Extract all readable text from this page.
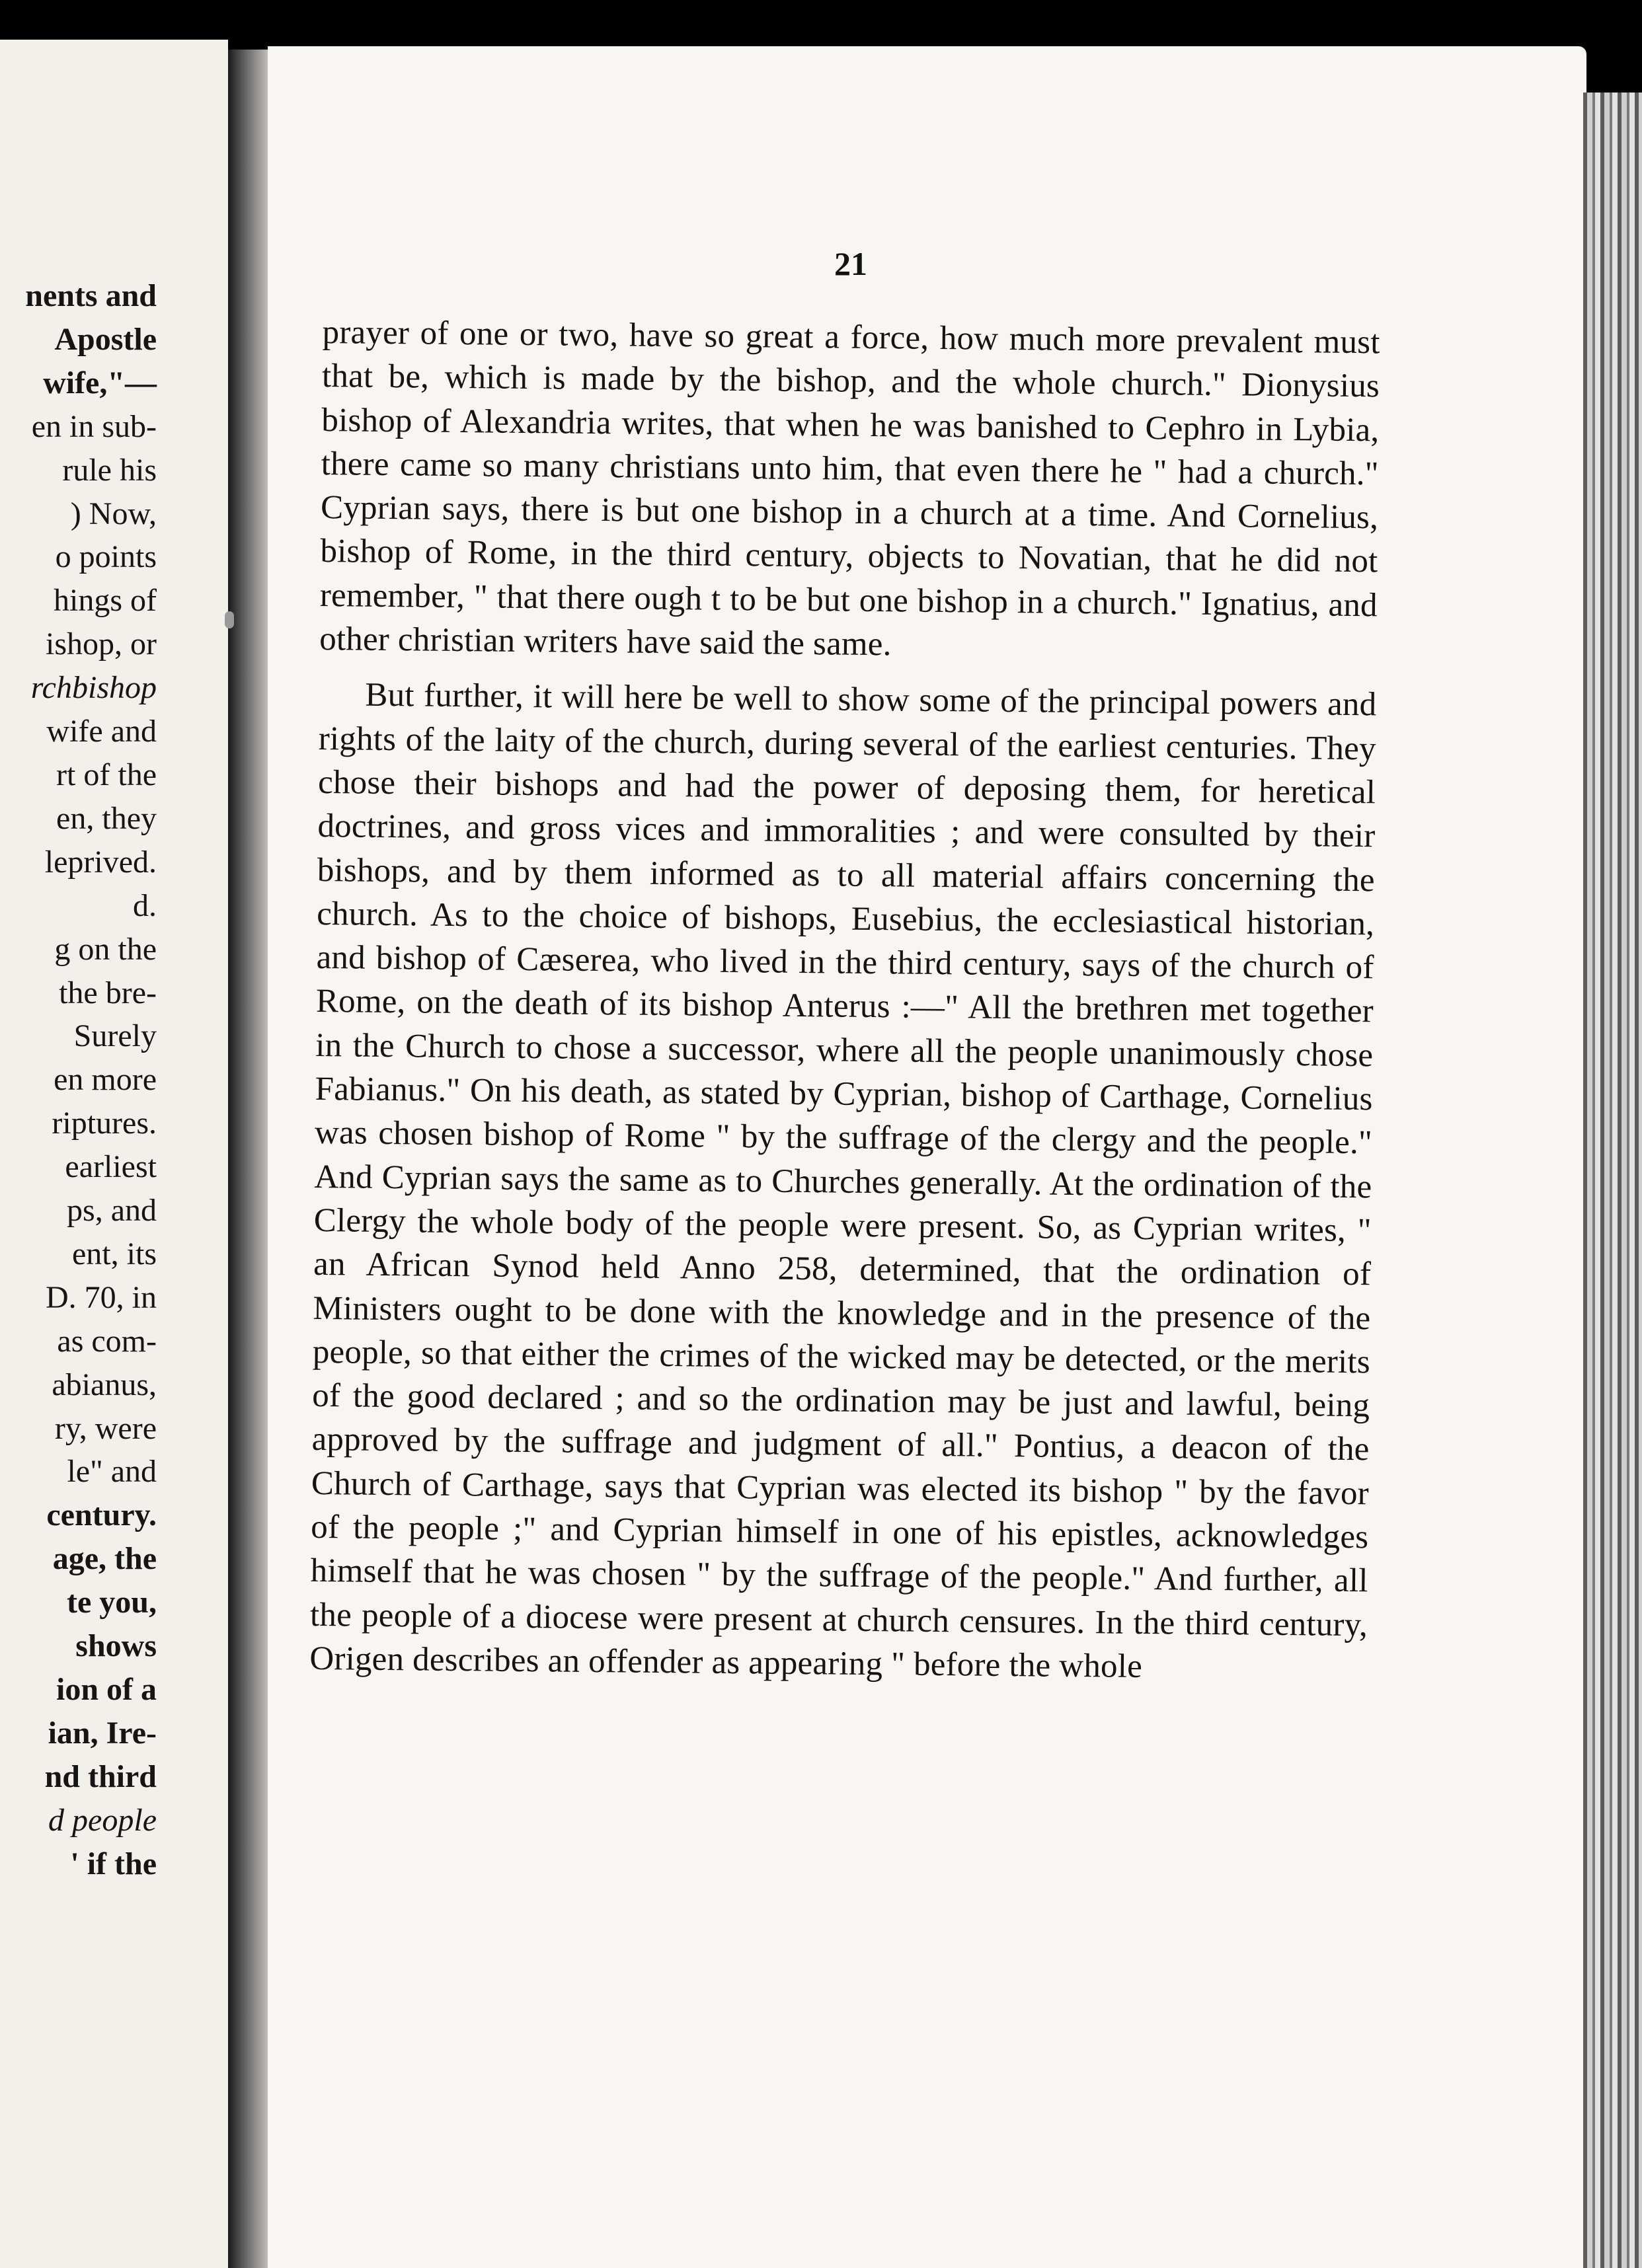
nents and
Apostle
wife,"—
en in sub-
rule his
) Now,
o points
hings of
ishop, or
rchbishop
wife and
rt of the
en, they
leprived.
d.
g on the
the bre-
Surely
en more
riptures.
earliest
ps, and
ent, its
D. 70, in
as com-
abianus,
ry, were
le" and
century.
age, the
te you,
shows
ion of a
ian, Ire-
nd third
d people
' if the
21

prayer of one or two, have so great a force, how much more prevalent must that be, which is made by the bishop, and the whole church." Dionysius bishop of Alexandria writes, that when he was banished to Cephro in Lybia, there came so many christians unto him, that even there he " had a church." Cyprian says, there is but one bishop in a church at a time. And Cornelius, bishop of Rome, in the third century, objects to Novatian, that he did not remember, " that there ough t to be but one bishop in a church." Ignatius, and other christian writers have said the same.

But further, it will here be well to show some of the principal powers and rights of the laity of the church, during several of the earliest centuries. They chose their bishops and had the power of deposing them, for heretical doctrines, and gross vices and immoralities ; and were consulted by their bishops, and by them informed as to all material affairs concerning the church. As to the choice of bishops, Eusebius, the ecclesiastical historian, and bishop of Cæserea, who lived in the third century, says of the church of Rome, on the death of its bishop Anterus :—" All the brethren met together in the Church to chose a successor, where all the people unanimously chose Fabianus." On his death, as stated by Cyprian, bishop of Carthage, Cornelius was chosen bishop of Rome " by the suffrage of the clergy and the people." And Cyprian says the same as to Churches generally. At the ordination of the Clergy the whole body of the people were present. So, as Cyprian writes, " an African Synod held Anno 258, determined, that the ordination of Ministers ought to be done with the knowledge and in the presence of the people, so that either the crimes of the wicked may be detected, or the merits of the good declared ; and so the ordination may be just and lawful, being approved by the suffrage and judgment of all." Pontius, a deacon of the Church of Carthage, says that Cyprian was elected its bishop " by the favor of the people ;" and Cyprian himself in one of his epistles, acknowledges himself that he was chosen " by the suffrage of the people." And further, all the people of a diocese were present at church censures. In the third century, Origen describes an offender as appearing " before the whole
